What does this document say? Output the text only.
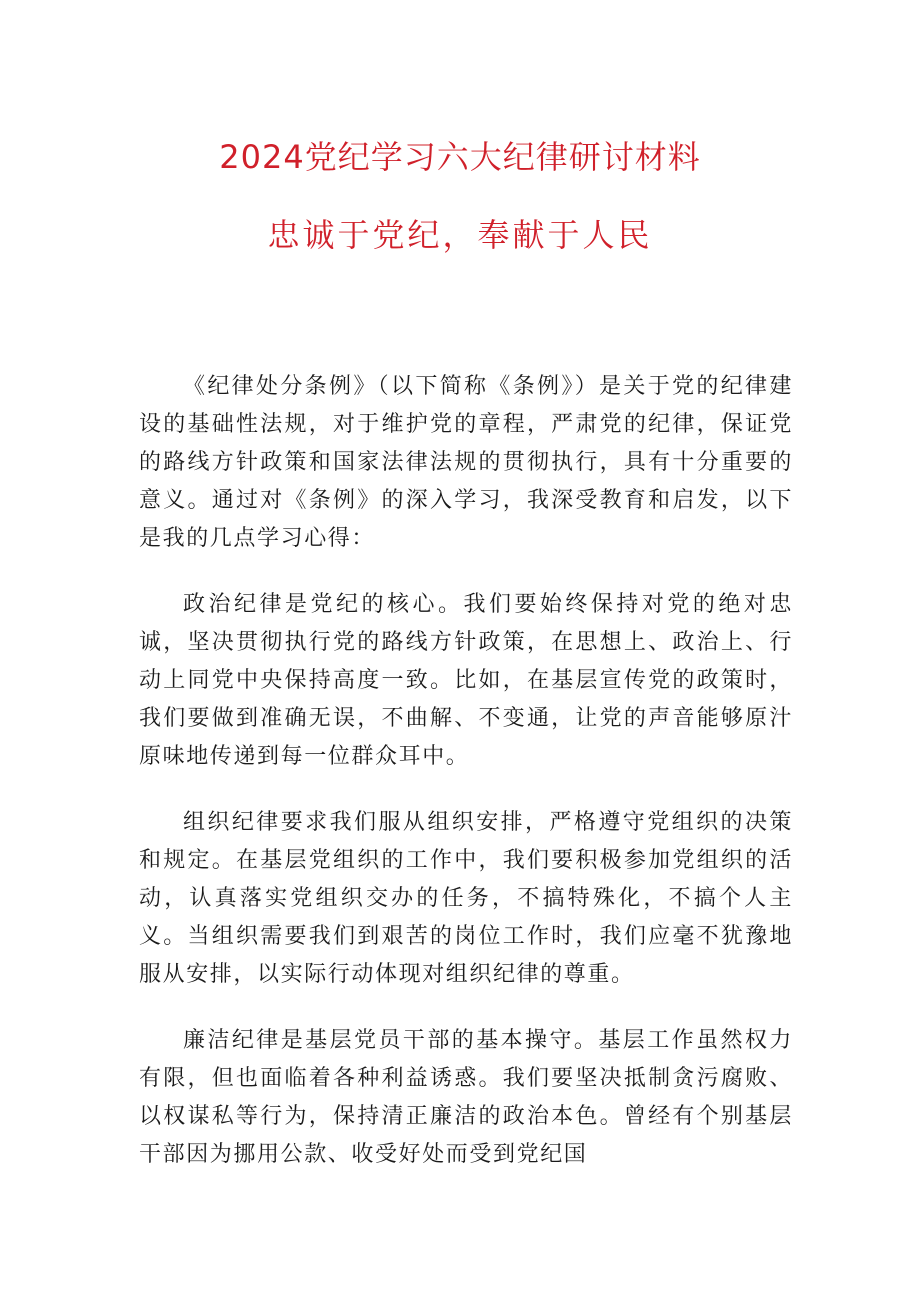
2024党纪学习六大纪律研讨材料
忠诚于党纪，奉献于人民

《纪律处分条例》（以下简称《条例》）是关于党的纪律建设的基础性法规，对于维护党的章程，严肃党的纪律，保证党的路线方针政策和国家法律法规的贯彻执行，具有十分重要的意义。通过对《条例》的深入学习，我深受教育和启发，以下是我的几点学习心得：

政治纪律是党纪的核心。我们要始终保持对党的绝对忠诚，坚决贯彻执行党的路线方针政策，在思想上、政治上、行动上同党中央保持高度一致。比如，在基层宣传党的政策时，我们要做到准确无误，不曲解、不变通，让党的声音能够原汁原味地传递到每一位群众耳中。

组织纪律要求我们服从组织安排，严格遵守党组织的决策和规定。在基层党组织的工作中，我们要积极参加党组织的活动，认真落实党组织交办的任务，不搞特殊化，不搞个人主义。当组织需要我们到艰苦的岗位工作时，我们应毫不犹豫地服从安排，以实际行动体现对组织纪律的尊重。

廉洁纪律是基层党员干部的基本操守。基层工作虽然权力有限，但也面临着各种利益诱惑。我们要坚决抵制贪污腐败、以权谋私等行为，保持清正廉洁的政治本色。曾经有个别基层干部因为挪用公款、收受好处而受到党纪国
